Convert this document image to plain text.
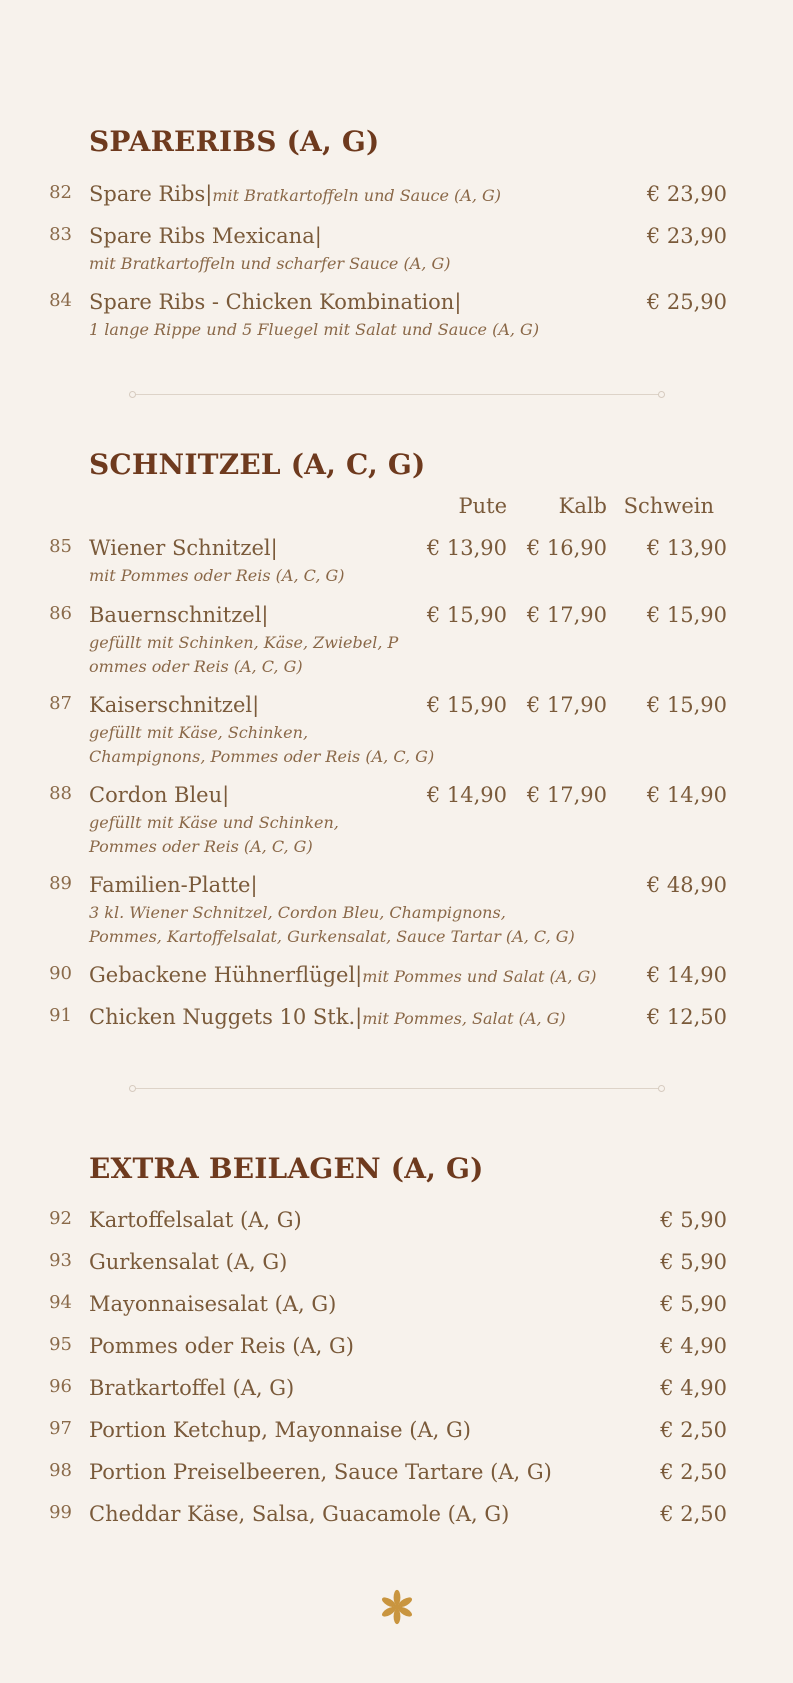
SPARERIBS (A, G)
82 Spare Ribs|mit Bratkartoffeln und Sauce (A, G)	€ 23,90
83 Spare Ribs Mexicana|	€ 23,90
mit Bratkartoffeln und scharfer Sauce (A, G)
84 Spare Ribs - Chicken Kombination|	€ 25,90
1 lange Rippe und 5 Fluegel mit Salat und Sauce (A, G)
SCHNITZEL (A, C, G)
Pute Kalb Schwein
85 Wiener Schnitzel|	€ 13,90 € 16,90 € 13,90
mit Pommes oder Reis (A, C, G)
86 Bauernschnitzel|	€ 15,90 € 17,90 € 15,90
gefüllt mit Schinken, Käse, Zwiebel, P
ommes oder Reis (A, C, G)
87 Kaiserschnitzel|	€ 15,90 € 17,90 € 15,90
gefüllt mit Käse, Schinken,
Champignons, Pommes oder Reis (A, C, G)
88 Cordon Bleu|	€ 14,90 € 17,90 € 14,90
gefüllt mit Käse und Schinken,
Pommes oder Reis (A, C, G)
89 Familien-Platte|	€ 48,90
3 kl. Wiener Schnitzel, Cordon Bleu, Champignons,
Pommes, Kartoffelsalat, Gurkensalat, Sauce Tartar (A, C, G)
90 Gebackene Hühnerflügel|mit Pommes und Salat (A, G) € 14,90
91 Chicken Nuggets 10 Stk.|mit Pommes, Salat (A, G)	€ 12,50
EXTRA BEILAGEN (A, G)
92 Kartoffelsalat (A, G)	€ 5,90
93 Gurkensalat (A, G)	€ 5,90
94 Mayonnaisesalat (A, G)	€ 5,90
95 Pommes oder Reis (A, G)	€ 4,90
96 Bratkartoffel (A, G)	€ 4,90
97 Portion Ketchup, Mayonnaise (A, G)	€ 2,50
98 Portion Preiselbeeren, Sauce Tartare (A, G)	€ 2,50
99 Cheddar Käse, Salsa, Guacamole (A, G)	€ 2,50
